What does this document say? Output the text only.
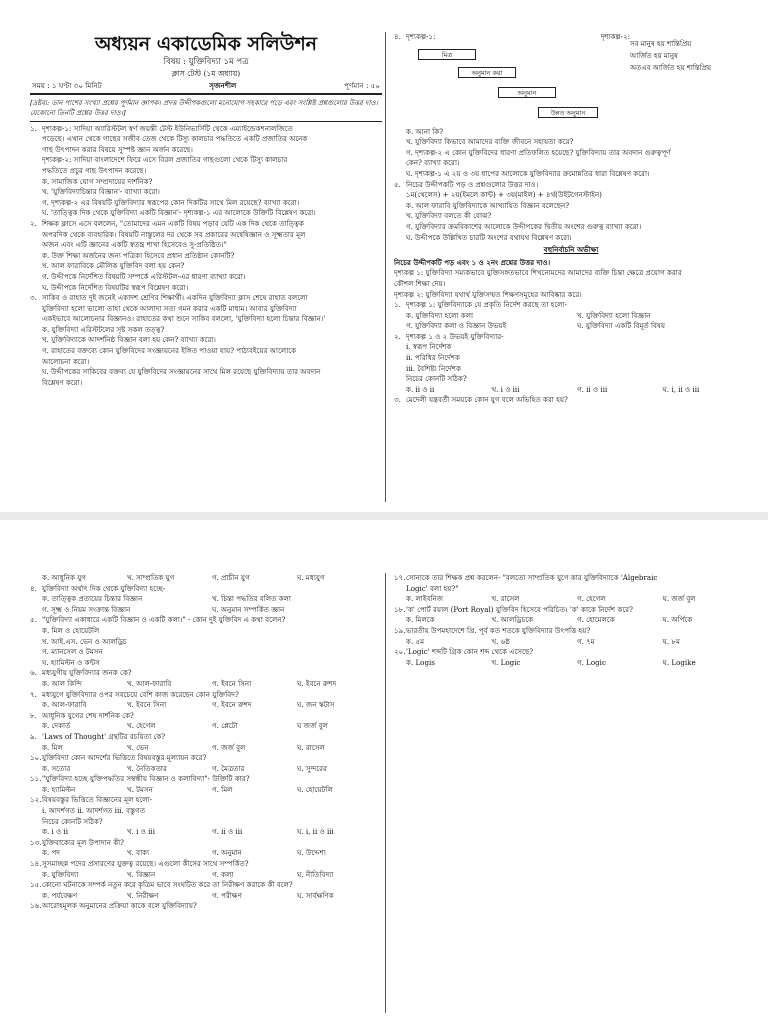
অধ্যয়ন একাডেমিক সলিউশন
বিষয় : যুক্তিবিদ্যা ১ম পত্র
ক্লাস টেস্ট (১ম অধ্যায়)
সময় : ১ ঘণ্টা ৩০ মিনিট	সৃজনশীল	পূর্ণমান : ৫০
[দ্রষ্টব্য: ডান পাশের সংখ্যা প্রশ্নের পূর্ণমান জ্ঞাপক। প্রদত্ত উদ্দীপকগুলো মনোযোগ সহকারে পড়ে এবং সংশ্লিষ্ট প্রশ্নগুলোর উত্তর দাও। যেকোনো তিনটি প্রশ্নের উত্তর দাও।]
১. দৃশ্যকল্প-১: সাদিয়া অ্যারিস্টটল স্বর্ণ জয়ন্তী টেস্ট ইউনিভার্সিটি থেকে এম্যাইন্ডেকশনালজিতে
পড়েছে। এখান থেকে গাছের সজীব তেজ থেকে টিস্যু কালচার পদ্ধতিতে একটি প্রজাতির অনেক
গাছ উৎপাদন করার বিষয়ে সুস্পষ্ট জ্ঞান অর্জন করেছে।
দৃশ্যকল্প-২: সাদিয়া বাংলাদেশে ফিরে এসে বিরল প্রজাতির গাছগুলো থেকে টিস্যু কালচার
পদ্ধতিতে প্রচুর গাছ উৎপাদন করেছে।
ক. সামাজিক যোগ সম্প্রদায়ের দার্শনিক?
খ. 'যুক্তিবিদ্যাচিন্তার বিজ্ঞান'- ব্যাখ্যা করো।
গ. দৃশ্যকল্প-২ এর বিষয়টি যুক্তিবিদ্যার স্বরূপের কোন দিকটির সাথে মিল রয়েছে? ব্যাখ্যা করো।
ঘ. 'তাত্ত্বিক দিক থেকে যুক্তিবিদ্যা একটি বিজ্ঞান'- দৃশ্যকল্প-১ এর আলোকে উক্তিটি বিশ্লেষণ করো।
২. শিক্ষক ক্লাসে এসে বললেন, "তোমাদের এমন একটি বিষয় পড়াব যেটি এক দিক থেকে তাত্ত্বিক
অপরদিক থেকে ব্যবহারিক। বিষয়টি নাস্তুলের দর থেকে সব প্রকারের অন্বেষিজ্ঞান ও সূক্ষ্মতার মূল
অজন এবং এটি জ্ঞানের একটি স্বতন্ত্র শাখা হিসেবেও সু-প্রতিষ্ঠিত।"
ক. উক্ত শিক্ষা অর্জনের জন্য পত্রিকা হিসেবে প্রধান প্রতিষ্ঠান কোনটি?
খ. আল ফারাবিকে মৌলিক যুক্তিবিদ বলা হয় কেন?
গ. উদ্দীপকে নির্দেশিত বিষয়টি সম্পর্কে এরিস্টটল-এর ধারণা ব্যাখ্যা করো।
ঘ. উদ্দীপকে নির্দেশিত বিষয়টির স্বরূপ বিশ্লেষণ করো।
৩. সাকিব ও রাহাত দুই জনেই একাদশ শ্রেণির শিক্ষার্থী। একদিন যুক্তিবিদ্যা ক্লাস শেষে রাহাত বললো
যুক্তিবিদ্যা হলো ভালো তাহা থেকে আলাদা সত্য গমন করার একটি মাধ্যম। আবার যুক্তিবিদ্যা
একইভাবে আলোচনার বিজ্ঞানও। রাহাতের কথা শুনে সাকিব বললো, 'যুক্তিবিদ্যা হলো চিন্তার বিজ্ঞান।'
ক. যুক্তিবিদ্যা এরিস্টটলের সৃষ্ট সকল তত্ত্ব?
খ. যুক্তিবিদ্যাকে আদর্শনিষ্ঠ বিজ্ঞান বলা হয় কেন? ব্যাখ্যা করো।
গ. রাহাতের বক্তব্যে কোন যুক্তিবিদের সংজ্ঞায়নের ইঙ্গিত পাওয়া যায়? পাঠ্যবইয়ের আলোকে
আলোচনা করো।
ঘ. উদ্দীপকের সাকিবের বক্তব্য যে যুক্তিবিদের সংজ্ঞায়নের সাথে মিল রয়েছে যুক্তিবিদ্যায় তার অবদান
বিশ্লেষণ করো।
৪. দৃশ্যকল্প-১:	দৃশ্যকল্প-২:
মিত্র
অনুমান করা
অনুমান
উন্নত অনুমান
সব মানুষ হয় শান্তিপ্রিয়
আর্জিত হয় মানুষ
অতএব আর্জিত হয় শান্তিপ্রিয়
ক. আনা কি?
খ. যুক্তিবিদ্যা কিভাবে আমাদের ব্যক্তি জীবনে সহায়তা করে?
গ. দৃশ্যকল্প-২ এ কোন যুক্তিবিদের ধারণা প্রতিফলিত হয়েছে? যুক্তিবিদ্যায় তার অবদান গুরুত্বপূর্ণ
কেন? ব্যাখ্যা করো।
ঘ. দৃশ্যকল্প-১ এ ২য় ও ৩য় ধাপের আলোকে যুক্তিবিদ্যার ক্রমোন্নতির ধারা বিশ্লেষণ করো।
৫. নিচের উদ্দীপকটি পড় ও প্রশ্নগুলোর উত্তর দাও।
১ম(থেলেস) + ২য়(ইমলে কান্ট) + ৩য়(মাইল) + ৪র্থ(উইটগেনস্টাইন)
ক. আল ফারাবি যুক্তিবিদ্যাকে আখ্যায়িত বিজ্ঞান বলেছেন?
খ. যুক্তিবিদ্যা বলতে কী বোঝ?
গ. যুক্তিবিদ্যার ক্রমবিকাশের আলোকে উদ্দীপকের দ্বিতীয় অংশের গুরুত্ব ব্যাখ্যা করো।
ঘ. উদ্দীপকে উল্লিখিত চারটি অংশের যথাযথ বিশ্লেষণ করো।
বহুনির্বাচনি অভীক্ষা
নিচের উদ্দীপকটি পড় এবং ১ ও ২নং প্রশ্নের উত্তর দাও।
দৃশ্যকল্প ১: যুক্তিবিদ্যা সম্যকভাবে যুক্তিসঙ্গতভাবে শিখনোমদের আমাদের ব্যক্তি চিন্তা ক্ষেত্রে প্রয়োগ করার
কৌশল শিক্ষা দেয়।
দৃশ্যকল্প ২: যুক্তিবিদ্যা যথার্থ যুক্তিসম্মত শিক্ষণসমূহের আবিষ্কার করে।
১. দৃশ্যকল্প ১: যুক্তিবিদ্যাকে যে প্রকৃতি নির্দেশ করছে তা হলো-
ক. যুক্তিবিদ্যা হলো কলা	খ. যুক্তিবিদ্যা হলো বিজ্ঞান
গ. যুক্তিবিদ্যা কলা ও বিজ্ঞান উভয়ই	ঘ. যুক্তিবিদ্যা একটি বিমূর্ত বিষয়
২. দৃশ্যকল্প ১ ও ২ উভয়ই যুক্তিবিদ্যার-
i. স্বরূপ নির্দেশক
ii. পরিধির নির্দেশক
iii. বৈশিষ্ট্য নির্দেশক
নিচের কোনটি সঠিক?
ক. ii ও ii	খ. i ও iii	গ. ii ও iii	ঘ. i, ii ও iii
৩. মেদেলী যন্ত্রবর্তী সময়কে কোন যুগ বলে অভিহিত করা হয়?
ক. আধুনিক যুগ	খ. সাম্প্রতিক যুগ	গ. প্রাচীন যুগ	ঘ. মধ্যযুগ
৪. যুক্তিবিদ্যা অর্থাৎ দিক থেকে যুক্তিবিদ্যা হচ্ছে-
ক. তাত্ত্বিক প্রত্যয়ের চিন্তার বিজ্ঞান	খ. চিন্তা পদ্ধতির বলিত কলা
গ. সূক্ষ্ম ও নিয়ম সংক্রান্ত বিজ্ঞান	ঘ. অনুমান সম্পর্কিত জ্ঞান
৫. "যুক্তিবিদ্যা একাধারে একটি বিজ্ঞান ও একটি কলা।" - কোন দুই যুক্তিবিদ এ কথা বলেন?
ক. মিল ও হোয়েটলি
খ. আই.এস. ভেন ও আলড্রিচ
গ. ম্যানসেল ও টমসন
ঘ. হ্যামিল্টন ও কন্টস
৬. মধ্যযুগীয় যুক্তিবিদ্যার জনক কে?
ক. আল কিন্দি	খ. আল-ফারাবি	গ. ইবনে সিনা	ঘ. ইবনে রুশদ
৭. মধ্যযুগে যুক্তিবিদ্যার ওপর সবচেয়ে বেশি কাজ করেছেন কোন যুক্তিবিদ?
ক. আল-ফারাবি	খ. ইবনে সিনা	গ. ইবনে রুশদ	ঘ. জন স্কটাস
৮. আধুনিক যুগের শেষ দার্শনিক কে?
ক. দেকার্ত	খ. হেগেল	গ. প্লেটো	ঘ জর্জ বুল
৯. 'Laws of Thought' গ্রন্থটির রচয়িতা কে?
ক. মিল	খ. ভেন	গ. জর্জ বুল	ঘ. রাসেল
১০. যুক্তিবিদ্যা কোন আদর্শের ভিত্তিতে বিষয়বস্তুর মূল্যায়ন করে?
ক. সত্যের	খ. নৈতিকতার	গ. মৈত্রতার	ঘ. সুন্দরের
১১. "যুক্তিবিদ্যা হচ্ছে যুক্তিপদ্ধতির সম্বন্ধীয় বিজ্ঞান ও কলাবিদ্যা"- উক্তিটি কার?
ক. হ্যামিল্টন	খ. টমসন	গ. মিল	ঘ. হোয়েটলি
১২. বিষয়বস্তুর ভিত্তিতে বিজ্ঞানের মূল হলো-
i. আদর্শগত ii. আদর্শগত iii. বস্তুগত
নিচের কোনটি সঠিক?
ক. i ও ii	খ. i ও iii	গ. ii ও iii	ঘ. i, ii ও iii
১৩. যুক্তিবাক্যের মূল উপাদান কী?
ক. পদ	খ. বাক্য	গ. অনুমান	ঘ. উদ্দেশ্য
১৪. সুসমাচ্ছন্ন পদের প্রসারণের যুক্তত্ব রয়েছে। এগুলো কীসের সাথে সম্পর্কিত?
ক. যুক্তিবিদ্যা	খ. বিজ্ঞান	গ. কলা	ঘ. নীতিবিদ্যা
১৫. কোনো ঘটনাকে সম্পর্ক নতুন করে কৃত্রিম ভাবে সংঘটিত করে তা নিরীক্ষণ করাকে কী বলে?
ক. পর্যবেক্ষণ	খ. নিরীক্ষণ	গ. পরীক্ষণ	ঘ. সার্বক্ষণিক
১৬. আরোহমূলক অনুমানের প্রক্রিয়া কাকে বলে যুক্তিবিদ্যায়?
১৭. সোনাকে তার শিক্ষক প্রশ্ন করলেন- "বলতো সাম্প্রতিক যুগে কার যুক্তিবিদ্যাকে 'Algebraic
Logic' বলা হয়?"
ক. লাইবনিজ	খ. রাসেল	গ. হেগেল	ঘ. জর্জ বুল
১৮. 'ক' পোর্ট রয়াল (Port Royal) যুক্তিবিদ হিসেবে পরিচিত। 'ক' কাকে নির্দেশ করে?
ক. মিলকে	খ. আলড্রিচকে	গ. হোমেলকে	ঘ. অর্পিকে
১৯. ভারতীয় উপমহাদেশে খ্রি. পূর্ব কত শতকে যুক্তিবিদ্যার উৎপত্তি হয়?
ক. ৫ম	খ. ৬ষ্ঠ	গ. ৭ম	ঘ. ৮ম
২০. 'Logic' শব্দটি গ্রিক কোন শব্দ থেকে এসেছে?
ক. Logis	খ. Logic	গ. Logic	ঘ. Logike
